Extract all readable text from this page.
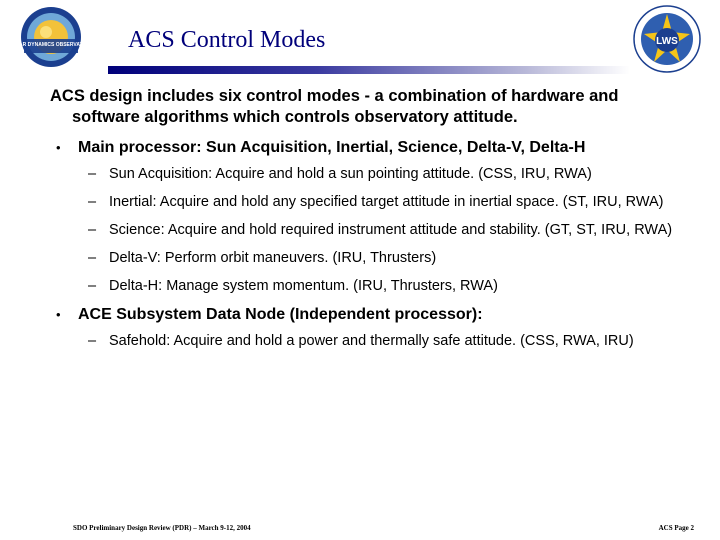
SOLAR DYNAMICS OBSERVATORY ACS Control Modes	LWS

ACS design includes six control modes - a combination of hardware and software algorithms which controls observatory attitude.

• Main processor: Sun Acquisition, Inertial, Science, Delta-V, Delta-H
– Sun Acquisition: Acquire and hold a sun pointing attitude. (CSS, IRU, RWA)
– Inertial: Acquire and hold any specified target attitude in inertial space. (ST, IRU, RWA)
– Science: Acquire and hold required instrument attitude and stability. (GT, ST, IRU, RWA)
– Delta-V: Perform orbit maneuvers. (IRU, Thrusters)
– Delta-H: Manage system momentum. (IRU, Thrusters, RWA)
• ACE Subsystem Data Node (Independent processor):
– Safehold: Acquire and hold a power and thermally safe attitude. (CSS, RWA, IRU)
SDO Preliminary Design Review (PDR) – March 9-12, 2004	ACS Page 2
